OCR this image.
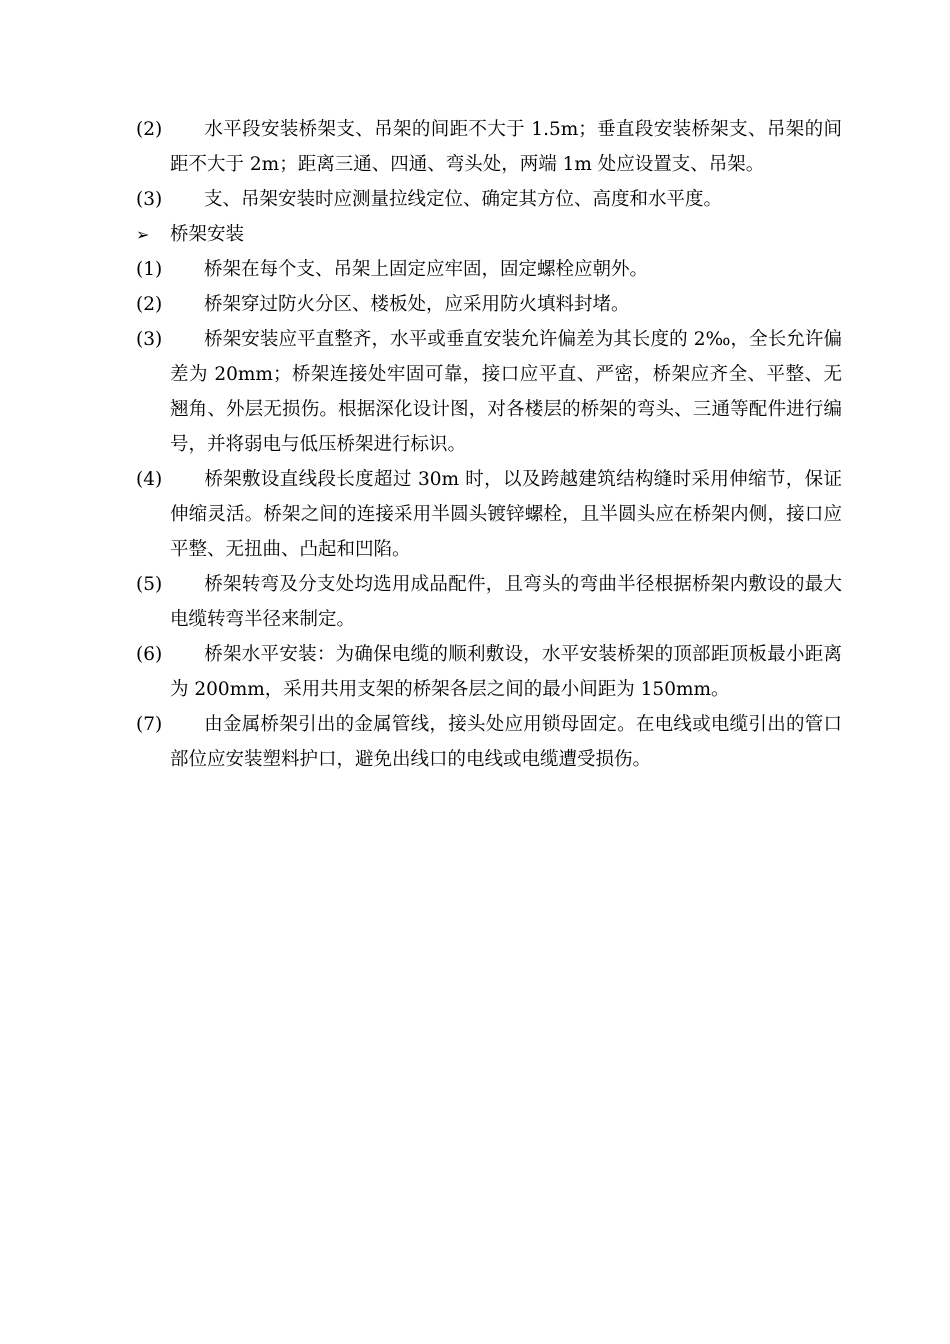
(2)	水平段安装桥架支、吊架的间距不大于 1.5m；垂直段安装桥架支、吊架的间距不大于 2m；距离三通、四通、弯头处，两端 1m 处应设置支、吊架。

(3)	支、吊架安装时应测量拉线定位、确定其方位、高度和水平度。

➢	桥架安装

(1)	桥架在每个支、吊架上固定应牢固，固定螺栓应朝外。

(2)	桥架穿过防火分区、楼板处，应采用防火填料封堵。

(3)	桥架安装应平直整齐，水平或垂直安装允许偏差为其长度的 2‰，全长允许偏差为 20mm；桥架连接处牢固可靠，接口应平直、严密，桥架应齐全、平整、无翘角、外层无损伤。根据深化设计图，对各楼层的桥架的弯头、三通等配件进行编号，并将弱电与低压桥架进行标识。

(4)	桥架敷设直线段长度超过 30m 时，以及跨越建筑结构缝时采用伸缩节，保证伸缩灵活。桥架之间的连接采用半圆头镀锌螺栓，且半圆头应在桥架内侧，接口应平整、无扭曲、凸起和凹陷。

(5)	桥架转弯及分支处均选用成品配件，且弯头的弯曲半径根据桥架内敷设的最大电缆转弯半径来制定。

(6)	桥架水平安装：为确保电缆的顺利敷设，水平安装桥架的顶部距顶板最小距离为 200mm，采用共用支架的桥架各层之间的最小间距为 150mm。

(7)	由金属桥架引出的金属管线，接头处应用锁母固定。在电线或电缆引出的管口部位应安装塑料护口，避免出线口的电线或电缆遭受损伤。
